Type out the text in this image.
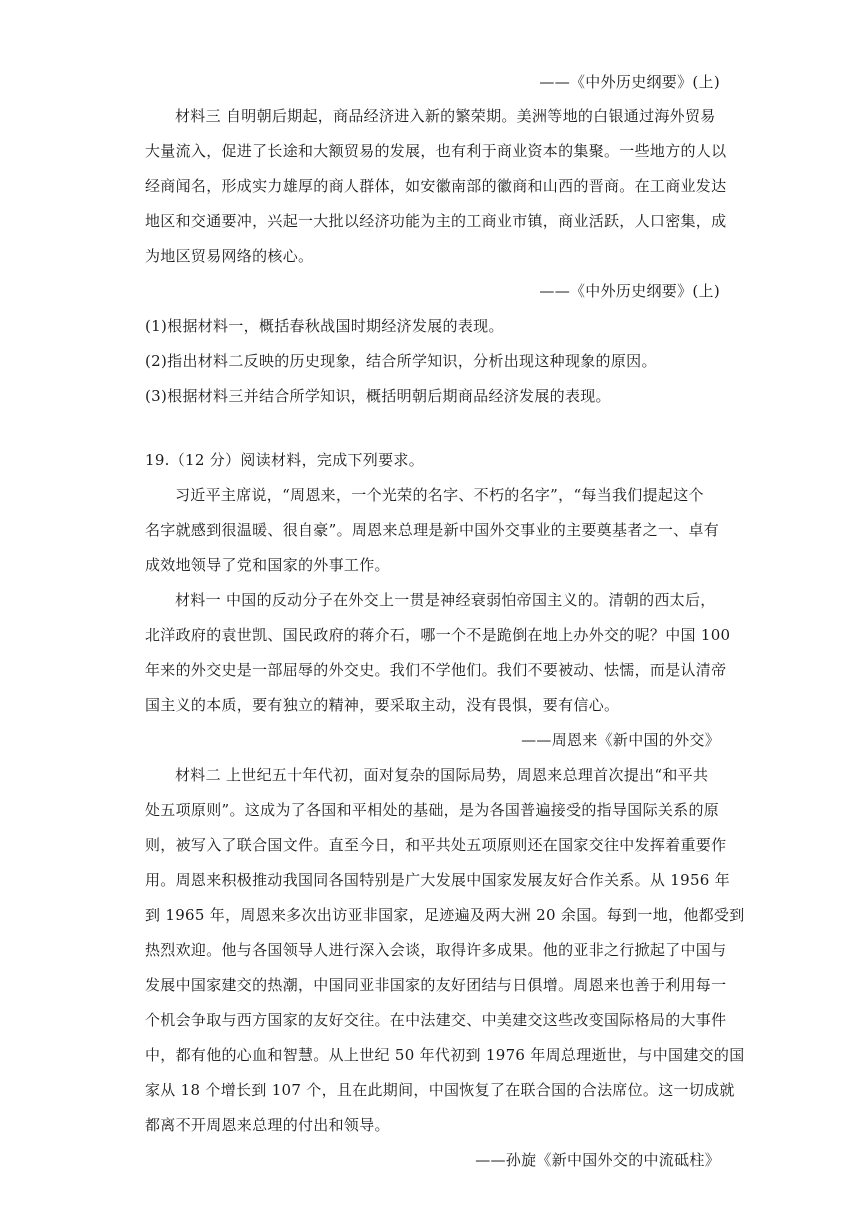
——《中外历史纲要》(上)
材料三 自明朝后期起，商品经济进入新的繁荣期。美洲等地的白银通过海外贸易
大量流入，促进了长途和大额贸易的发展，也有利于商业资本的集聚。一些地方的人以
经商闻名，形成实力雄厚的商人群体，如安徽南部的徽商和山西的晋商。在工商业发达
地区和交通要冲，兴起一大批以经济功能为主的工商业市镇，商业活跃，人口密集，成
为地区贸易网络的核心。
——《中外历史纲要》(上)
(1)根据材料一，概括春秋战国时期经济发展的表现。
(2)指出材料二反映的历史现象，结合所学知识，分析出现这种现象的原因。
(3)根据材料三并结合所学知识，概括明朝后期商品经济发展的表现。
19.（12 分）阅读材料，完成下列要求。
习近平主席说，“周恩来，一个光荣的名字、不朽的名字”，“每当我们提起这个
名字就感到很温暖、很自豪”。周恩来总理是新中国外交事业的主要奠基者之一、卓有
成效地领导了党和国家的外事工作。
材料一 中国的反动分子在外交上一贯是神经衰弱怕帝国主义的。清朝的西太后，
北洋政府的袁世凯、国民政府的蒋介石，哪一个不是跪倒在地上办外交的呢？中国 100
年来的外交史是一部屈辱的外交史。我们不学他们。我们不要被动、怯懦，而是认清帝
国主义的本质，要有独立的精神，要采取主动，没有畏惧，要有信心。
——周恩来《新中国的外交》
材料二 上世纪五十年代初，面对复杂的国际局势，周恩来总理首次提出“和平共
处五项原则”。这成为了各国和平相处的基础，是为各国普遍接受的指导国际关系的原
则，被写入了联合国文件。直至今日，和平共处五项原则还在国家交往中发挥着重要作
用。周恩来积极推动我国同各国特别是广大发展中国家发展友好合作关系。从 1956 年
到 1965 年，周恩来多次出访亚非国家，足迹遍及两大洲 20 余国。每到一地，他都受到
热烈欢迎。他与各国领导人进行深入会谈，取得许多成果。他的亚非之行掀起了中国与
发展中国家建交的热潮，中国同亚非国家的友好团结与日俱增。周恩来也善于利用每一
个机会争取与西方国家的友好交往。在中法建交、中美建交这些改变国际格局的大事件
中，都有他的心血和智慧。从上世纪 50 年代初到 1976 年周总理逝世，与中国建交的国
家从 18 个增长到 107 个，且在此期间，中国恢复了在联合国的合法席位。这一切成就
都离不开周恩来总理的付出和领导。
——孙旋《新中国外交的中流砥柱》
